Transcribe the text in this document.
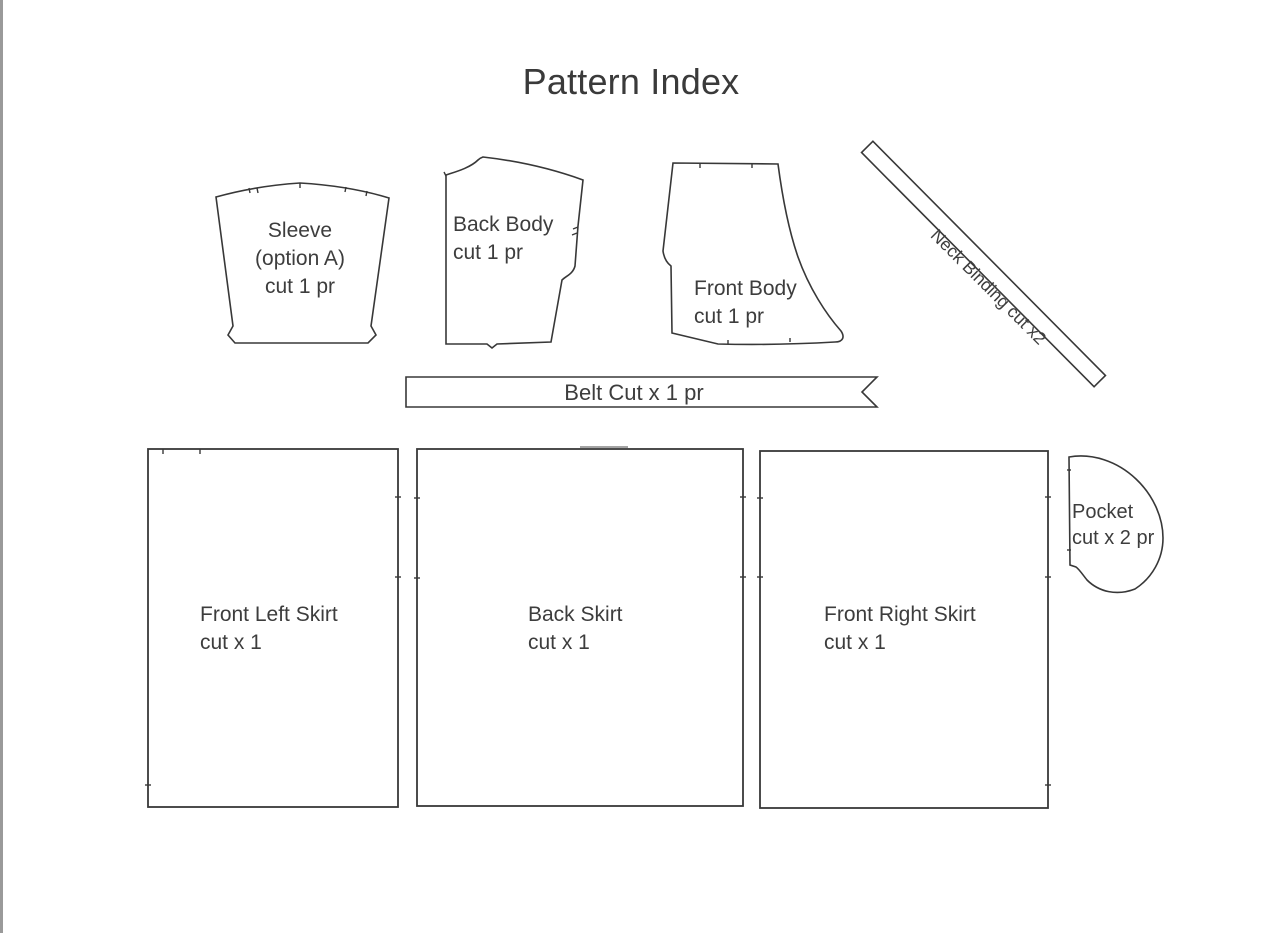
Pattern Index
Sleeve
(option A)
cut 1 pr
Back Body
cut 1 pr
Front Body
cut 1 pr	Neck Binding cut x2
Belt Cut x 1 pr
Front Left Skirt
cut x 1
Back Skirt
cut x 1
Front Right Skirt
cut x 1
Pocket
cut x 2 pr
